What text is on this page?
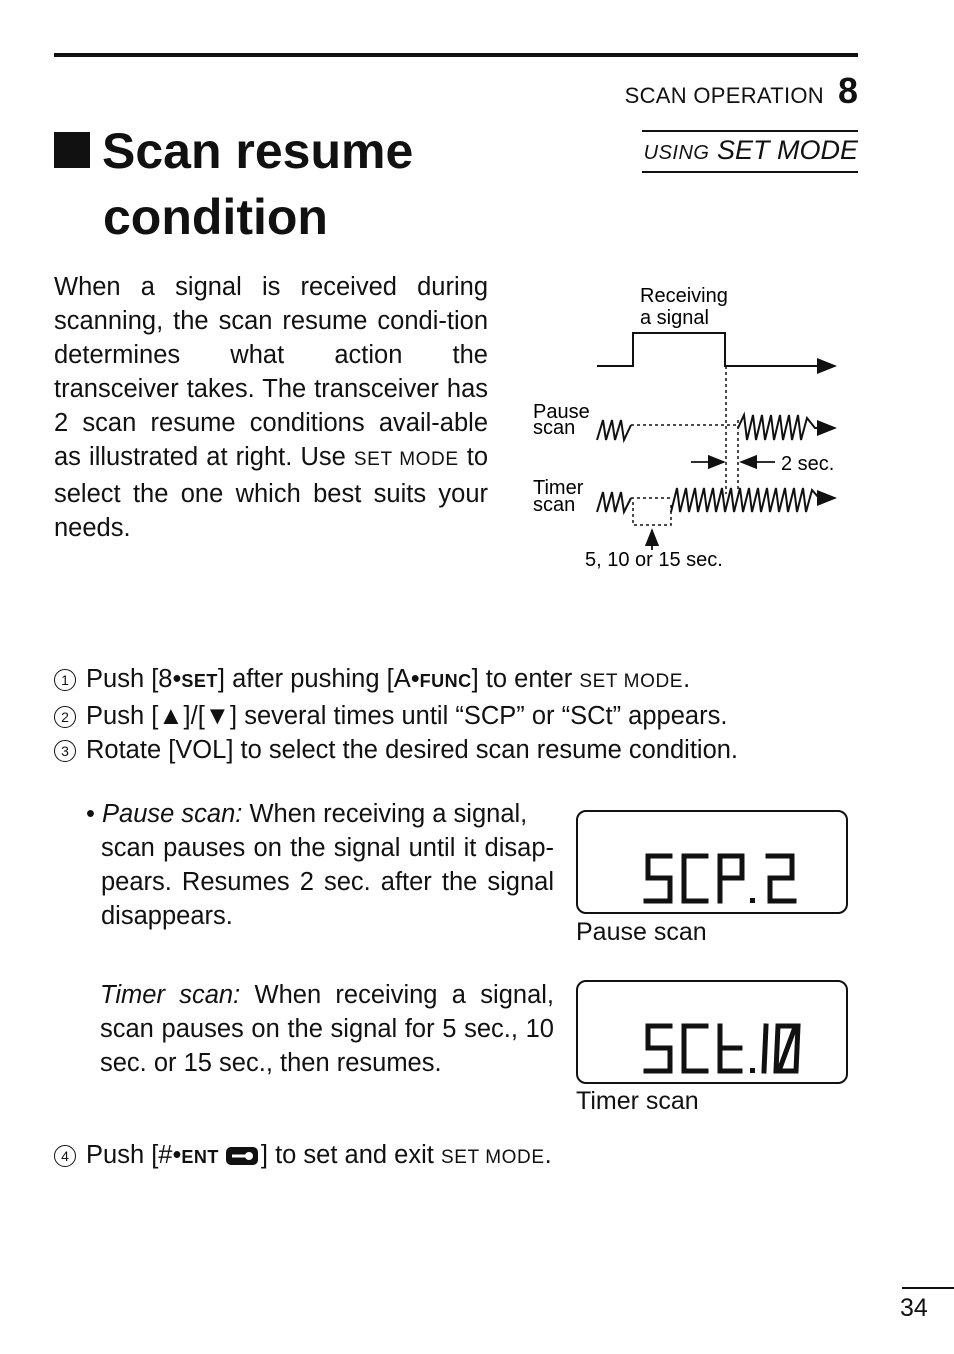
SCAN OPERATION 8
USING SET MODE
Scan resume
condition
When a signal is received during scanning, the scan resume condi-tion determines what action the transceiver takes. The transceiver has 2 scan resume conditions avail-able as illustrated at right. Use SET MODE to select the one which best suits your needs.
Receiving
a signal
Pause
scan
2 sec.
Timer
scan
5, 10 or 15 sec.
1 Push [8•SET] after pushing [A•FUNC] to enter SET MODE.
2 Push [▲]/[▼] several times until “SCP” or “SCt” appears.
3 Rotate [VOL] to select the desired scan resume condition.
• Pause scan: When receiving a signal,
scan pauses on the signal until it disap-pears. Resumes 2 sec. after the signal disappears.
Pause scan
Timer scan: When receiving a signal, scan pauses on the signal for 5 sec., 10 sec. or 15 sec., then resumes.
Timer scan
4 Push [#•ENT ] to set and exit SET MODE.
34
